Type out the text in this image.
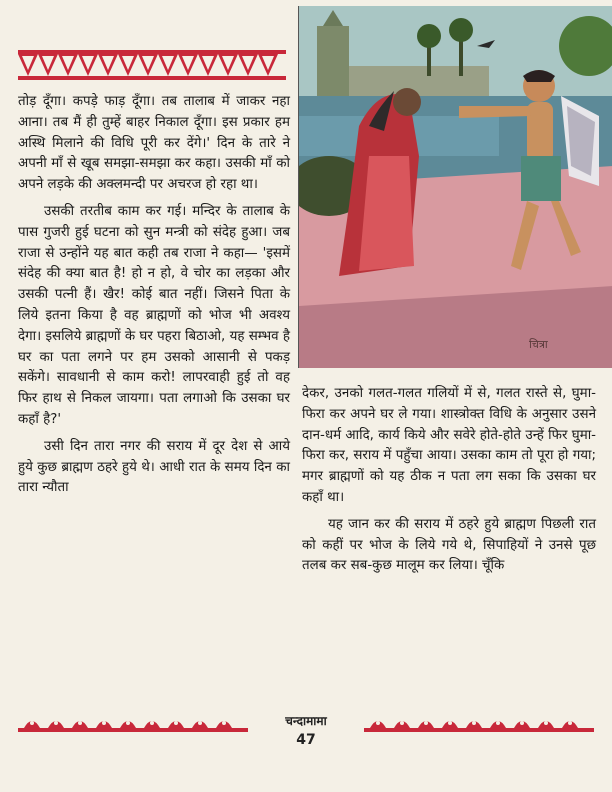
चित्रा

तोड़ दूँगा। कपड़े फाड़ दूँगा। तब तालाब में जाकर नहा आना। तब मैं ही तुम्हें बाहर निकाल दूँगा। इस प्रकार हम अस्थि मिलाने की विधि पूरी कर देंगे।' दिन के तारे ने अपनी माँ से खूब समझा-समझा कर कहा। उसकी माँ को अपने लड़के की अक्लमन्दी पर अचरज हो रहा था।

उसकी तरतीब काम कर गई। मन्दिर के तालाब के पास गुजरी हुई घटना को सुन मन्त्री को संदेह हुआ। जब राजा से उन्होंने यह बात कही तब राजा ने कहा— 'इसमें संदेह की क्या बात है! हो न हो, वे चोर का लड़का और उसकी पत्नी हैं। खैर! कोई बात नहीं। जिसने पिता के लिये इतना किया है वह ब्राह्मणों को भोज भी अवश्य देगा। इसलिये ब्राह्मणों के घर पहरा बिठाओ, यह सम्भव है घर का पता लगने पर हम उसको आसानी से पकड़ सकेंगे। सावधानी से काम करो! लापरवाही हुई तो वह फिर हाथ से निकल जायगा। पता लगाओ कि उसका घर कहाँ है?'

उसी दिन तारा नगर की सराय में दूर देश से आये हुये कुछ ब्राह्मण ठहरे हुये थे। आधी रात के समय दिन का तारा न्यौता

देकर, उनको गलत-गलत गलियों में से, गलत रास्ते से, घुमा-फिरा कर अपने घर ले गया। शास्त्रोक्त विधि के अनुसार उसने दान-धर्म आदि, कार्य किये और सवेरे होते-होते उन्हें फिर घुमा-फिरा कर, सराय में पहुँचा आया। उसका काम तो पूरा हो गया; मगर ब्राह्मणों को यह ठीक न पता लग सका कि उसका घर कहाँ था।

यह जान कर की सराय में ठहरे हुये ब्राह्मण पिछली रात को कहीं पर भोज के लिये गये थे, सिपाहियों ने उनसे पूछ तलब कर सब-कुछ मालूम कर लिया। चूँकि

चन्दामामा
47
